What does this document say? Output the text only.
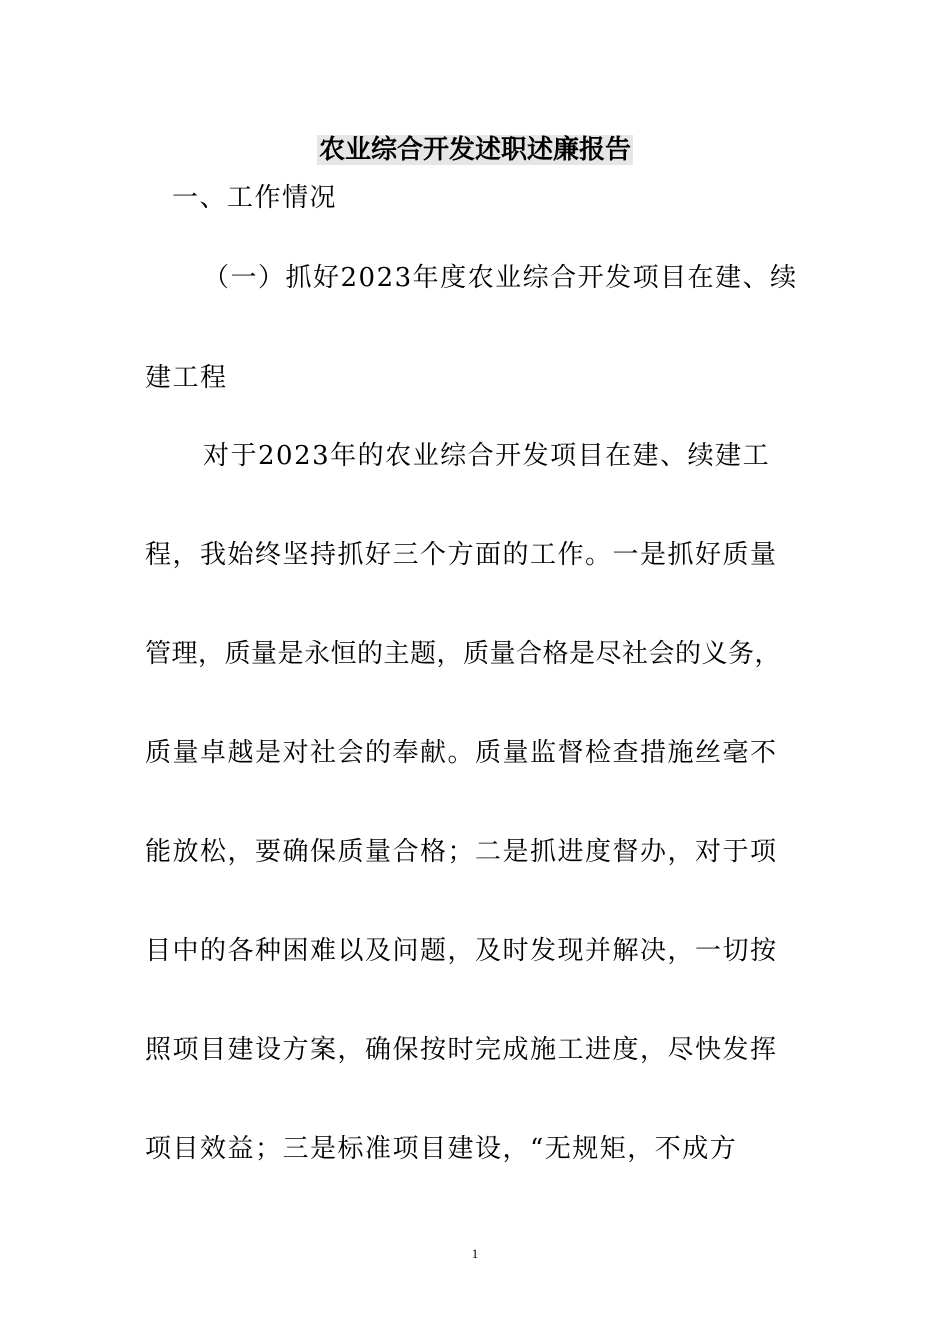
农业综合开发述职述廉报告
一、工作情况
（一）抓好2023年度农业综合开发项目在建、续
建工程
对于2023年的农业综合开发项目在建、续建工
程，我始终坚持抓好三个方面的工作。一是抓好质量
管理，质量是永恒的主题，质量合格是尽社会的义务，
质量卓越是对社会的奉献。质量监督检查措施丝毫不
能放松，要确保质量合格；二是抓进度督办，对于项
目中的各种困难以及问题，及时发现并解决，一切按
照项目建设方案，确保按时完成施工进度，尽快发挥
项目效益；三是标准项目建设，“无规矩，不成方
1
